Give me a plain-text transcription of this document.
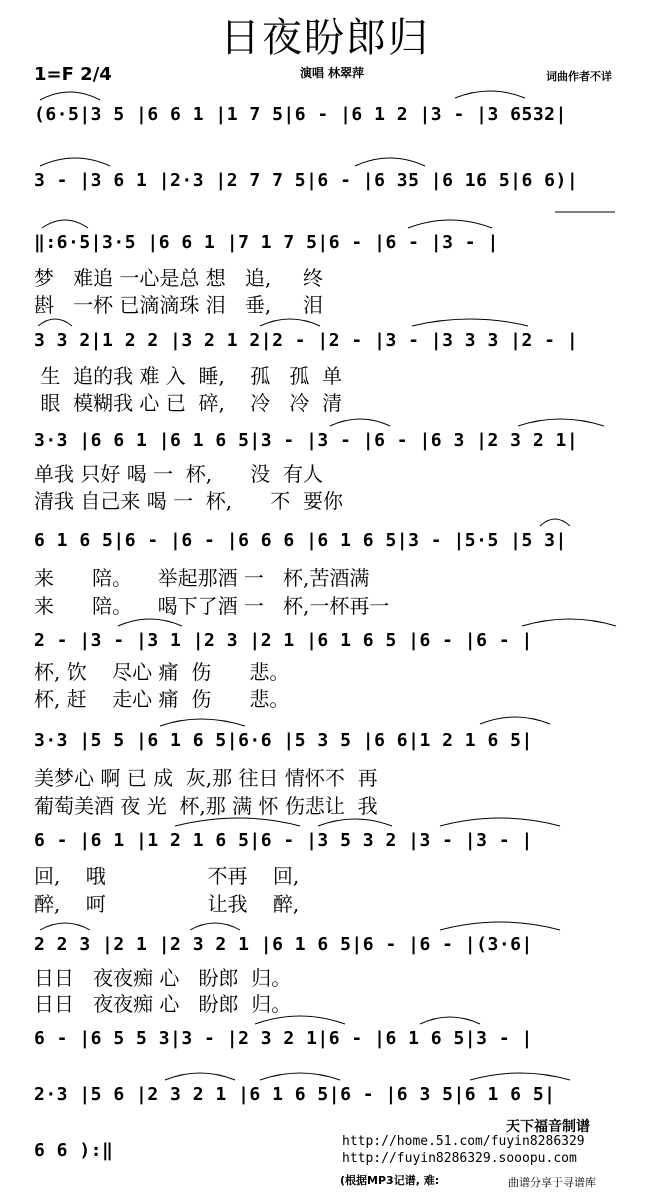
日夜盼郎归
1=F 2/4	演唱 林翠萍	词曲作者不详
(6·5|3 5 |6 6 1 |1 7 5|6 - |6 1 2 |3 - |3 6532|
3 - |3 6 1 |2·3 |2 7 7 5|6 - |6 35 |6 16 5|6 6)|
‖:6·5|3·5 |6 6 1 |7 1 7 5|6 - |6 - |3 - |
梦   难追 一心是总 想   追,     终
斟   一杯 已滴滴珠 泪   垂,     泪
3 3 2|1 2 2 |3 2 1 2|2 - |2 - |3 - |3 3 3 |2 - |
生  追的我 难 入  睡,    孤   孤  单
眼  模糊我 心 已  碎,    冷   冷  清
3·3 |6 6 1 |6 1 6 5|3 - |3 - |6 - |6 3 |2 3 2 1|
单我 只好 喝 一  杯,      没  有人
清我 自己来 喝 一  杯,      不  要你
6 1 6 5|6 - |6 - |6 6 6 |6 1 6 5|3 - |5·5 |5 3|
来      陪。    举起那酒 一   杯,苦酒满
来      陪。    喝下了酒 一   杯,一杯再一
2 - |3 - |3 1 |2 3 |2 1 |6 1 6 5 |6 - |6 - |
杯, 饮    尽心 痛  伤      悲。
杯, 赶    走心 痛  伤      悲。
3·3 |5 5 |6 1 6 5|6·6 |5 3 5 |6 6|1 2 1 6 5|
美梦心 啊 已 成  灰,那 往日 情怀不  再
葡萄美酒 夜 光  杯,那 满 怀 伤悲让  我
6 - |6 1 |1 2 1 6 5|6 - |3 5 3 2 |3 - |3 - |
回,    哦                不再    回,
醉,    呵                让我    醉,
2 2 3 |2 1 |2 3 2 1 |6 1 6 5|6 - |6 - |(3·6|
日日   夜夜痴 心   盼郎  归。
日日   夜夜痴 心   盼郎  归。
6 - |6 5 5 3|3 - |2 3 2 1|6 - |6 1 6 5|3 - |
2·3 |5 6 |2 3 2 1 |6 1 6 5|6 - |6 3 5|6 1 6 5|
6 6 ):‖
天下福音制谱
http://home.51.com/fuyin8286329
http://fuyin8286329.sooopu.com
(根据MP3记谱, 难:	曲谱分享于寻谱库
